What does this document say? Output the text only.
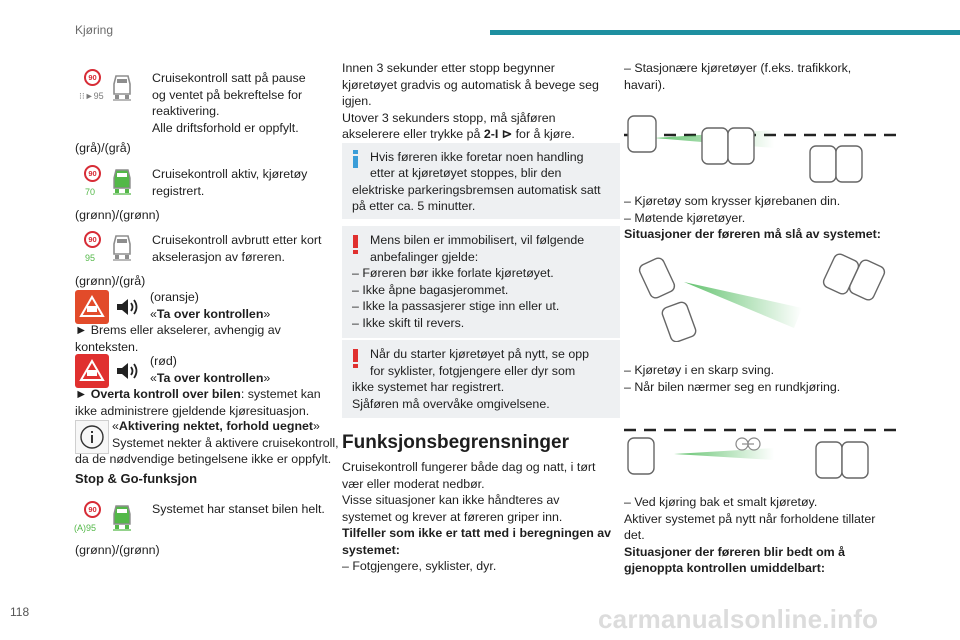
Kjøring
90
⁝⁝►95
Cruisekontroll satt på pause
og ventet på bekreftelse for
reaktivering.
Alle driftsforhold er oppfylt.
(grå)/(grå)
90
70
Cruisekontroll aktiv, kjøretøy
registrert.
(grønn)/(grønn)
90
95
Cruisekontroll avbrutt etter kort
akselerasjon av føreren.
(grønn)/(grå)
(oransje)
«Ta over kontrollen»
► Brems eller akselerer, avhengig av
konteksten.
(rød)
«Ta over kontrollen»
► Overta kontroll over bilen: systemet kan
ikke administrere gjeldende kjøresituasjon.
«Aktivering nektet, forhold uegnet»
Systemet nekter å aktivere cruisekontroll,
da de nødvendige betingelsene ikke er oppfylt.
Stop & Go-funksjon
90
(A)95
Systemet har stanset bilen helt.
(grønn)/(grønn)
Innen 3 sekunder etter stopp begynner
kjøretøyet gradvis og automatisk å bevege seg
igjen.
Utover 3 sekunders stopp, må sjåføren
akselerere eller trykke på 2-I ⊳ for å kjøre.
Hvis føreren ikke foretar noen handling
etter at kjøretøyet stoppes, blir den
elektriske parkeringsbremsen automatisk satt
på etter ca. 5 minutter.
Mens bilen er immobilisert, vil følgende
anbefalinger gjelde:
– Føreren bør ikke forlate kjøretøyet.
– Ikke åpne bagasjerommet.
– Ikke la passasjerer stige inn eller ut.
– Ikke skift til revers.
Når du starter kjøretøyet på nytt, se opp
for syklister, fotgjengere eller dyr som
ikke systemet har registrert.
Sjåføren må overvåke omgivelsene.
Funksjonsbegrensninger
Cruisekontroll fungerer både dag og natt, i tørt
vær eller moderat nedbør.
Visse situasjoner kan ikke håndteres av
systemet og krever at føreren griper inn.
Tilfeller som ikke er tatt med i beregningen av
systemet:
– Fotgjengere, syklister, dyr.
– Stasjonære kjøretøyer (f.eks. trafikkork,
havari).
– Kjøretøy som krysser kjørebanen din.
– Møtende kjøretøyer.
Situasjoner der føreren må slå av systemet:
– Kjøretøy i en skarp sving.
– Når bilen nærmer seg en rundkjøring.
– Ved kjøring bak et smalt kjøretøy.
Aktiver systemet på nytt når forholdene tillater
det.
Situasjoner der føreren blir bedt om å
gjenoppta kontrollen umiddelbart:
118	carmanualsonline.info
